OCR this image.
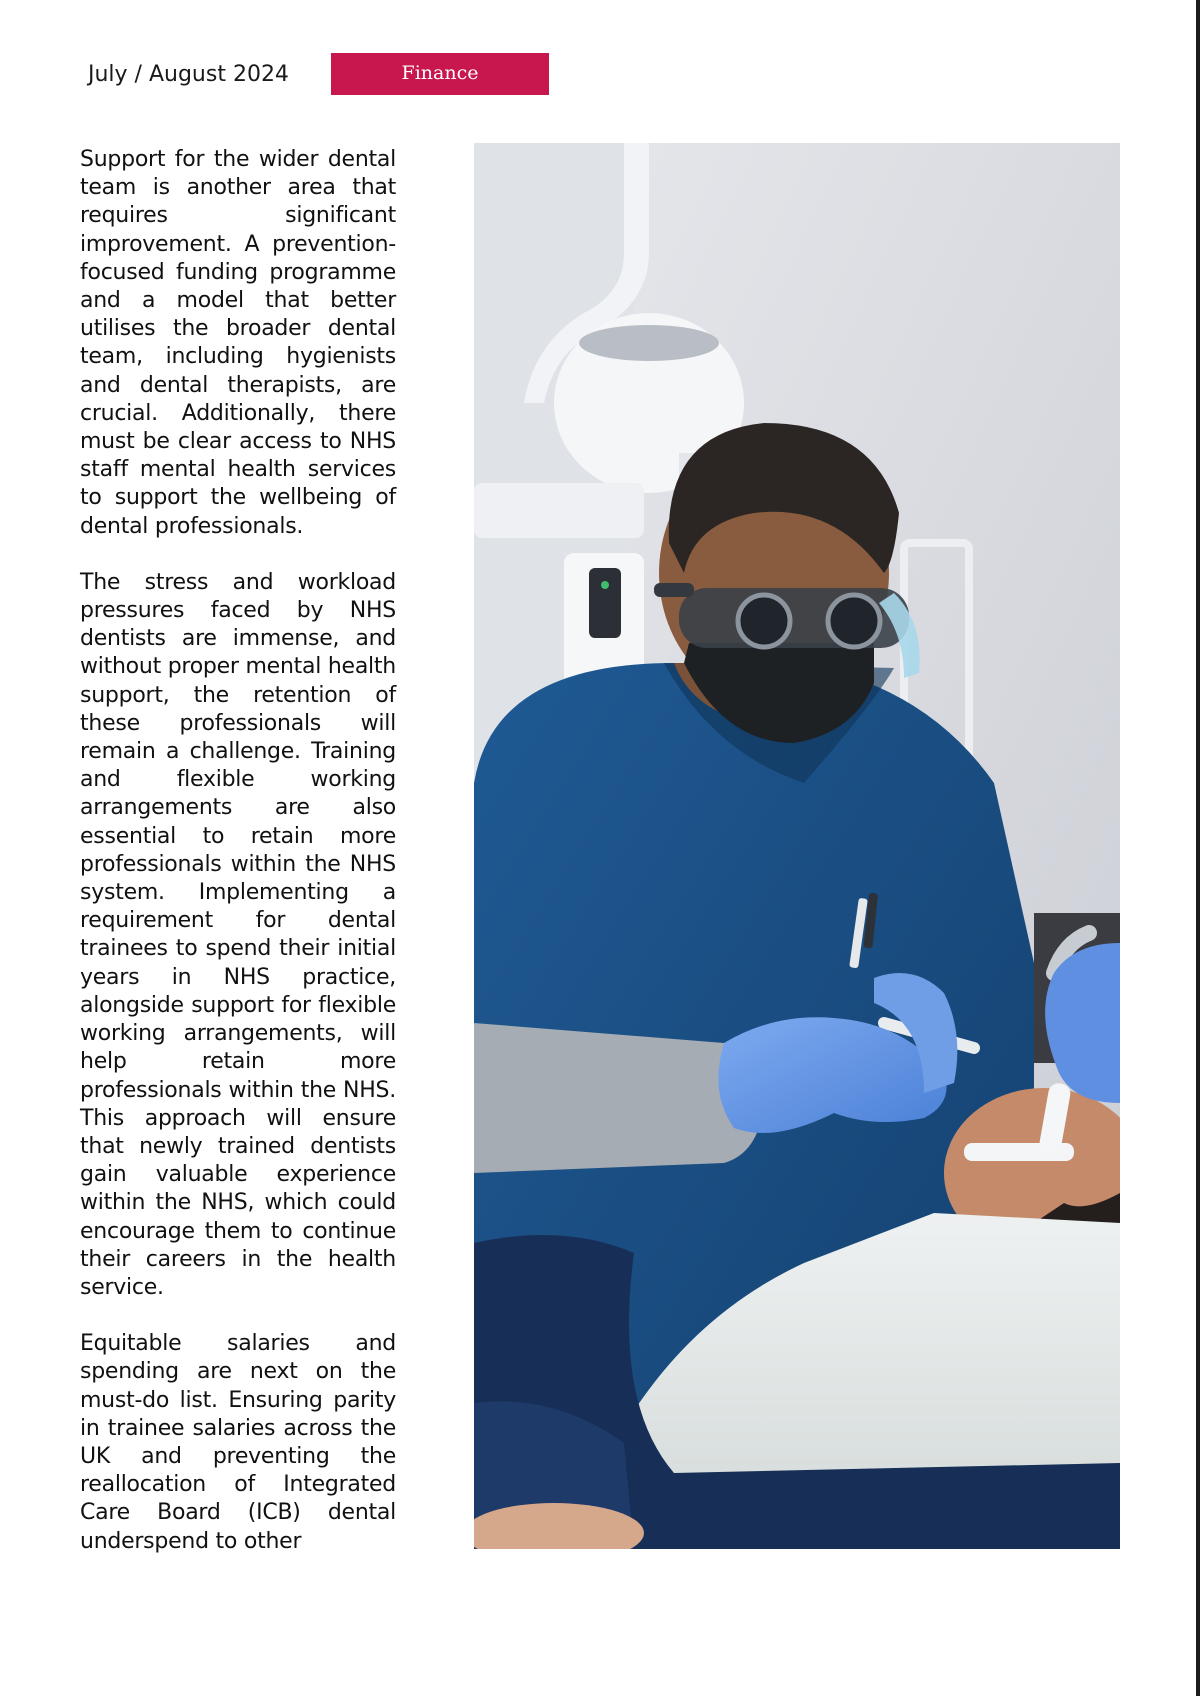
July / August 2024	Finance

Support for the wider dental team is another area that requires significant improvement. A prevention-focused funding programme and a model that better utilises the broader dental team, including hygienists and dental therapists, are crucial. Additionally, there must be clear access to NHS staff mental health services to support the wellbeing of dental professionals.

The stress and workload pressures faced by NHS dentists are immense, and without proper mental health support, the retention of these professionals will remain a challenge. Training and flexible working arrangements are also essential to retain more professionals within the NHS system. Implementing a requirement for dental trainees to spend their initial years in NHS practice, alongside support for flexible working arrangements, will help retain more professionals within the NHS. This approach will ensure that newly trained dentists gain valuable experience within the NHS, which could encourage them to continue their careers in the health service.

Equitable salaries and spending are next on the must-do list. Ensuring parity in trainee salaries across the UK and preventing the reallocation of Integrated Care Board (ICB) dental underspend to other
